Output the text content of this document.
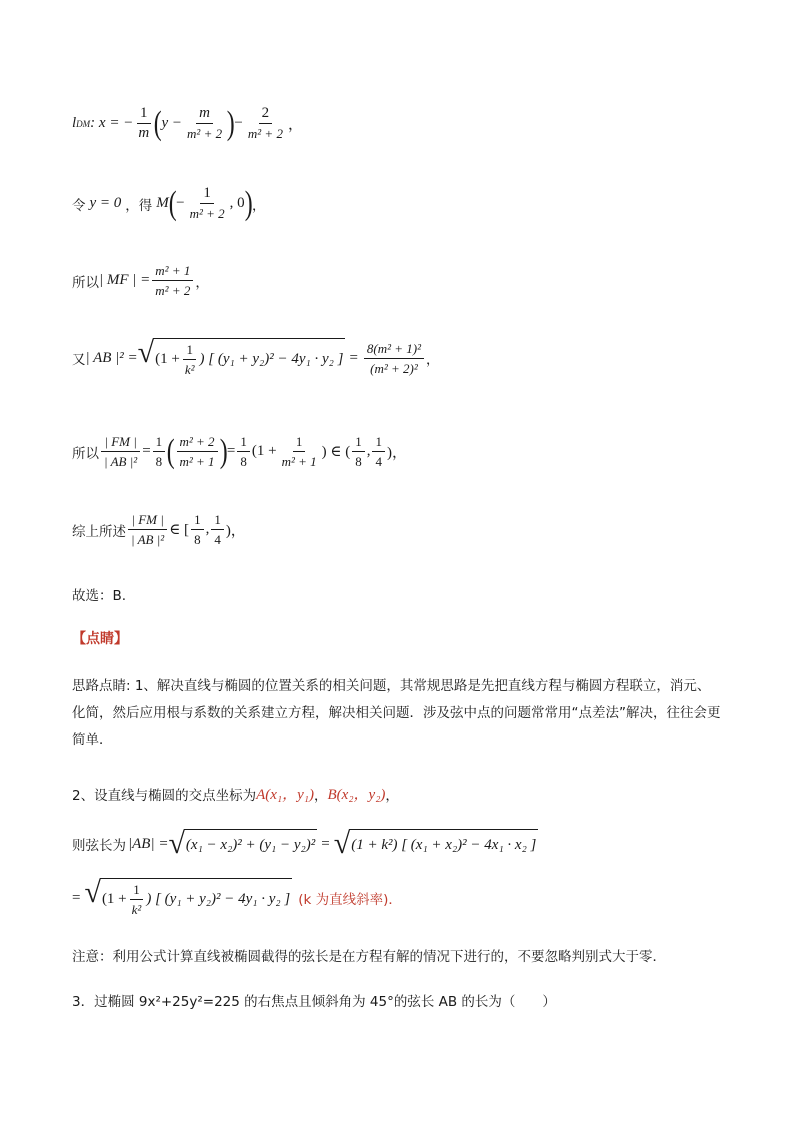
l DM : x = − $\frac{1}{m}$ ( $y - \frac{m}{\text{m² + 2}}$ ) − $\frac{2}{\text{m² + 2}}$ ，
令 y = 0 ，得 M ( − $\frac{1}{\text{m² + 2}}$ , 0 ) ，
所以 | MF | = $\frac{\text{m² + 1}}{\text{m² + 2}}$ ，
又 | AB |² = √ ($1 + \frac{1}{\text{k²}}$ ) [ (y₁ + y₂)² − 4y₁ · y₂ ] = $\frac{\text{8(m² + 1)²}}{\text{(m² + 2)²}}$ ，
所以 $\frac{| FM |}{\text{| AB |²}} = \frac{1}{8}$ ( $\frac{\text{m² + 2}}{\text{m² + 1}}$ ) = $\frac{1}{8} (1 + \frac{1}{\text{m² + 1}}$ ) ∈ ( $\frac{1}{8}$ , $\frac{1}{4}$ )，
综上所述 $\frac{| FM |}{\text{| AB |²}}$ ∈ [ $\frac{1}{8}$ , $\frac{1}{4}$ )，
故选：B.
【点睛】
思路点睛: 1、解决直线与椭圆的位置关系的相关问题，其常规思路是先把直线方程与椭圆方程联立，消元、化简，然后应用根与系数的关系建立方程，解决相关问题．涉及弦中点的问题常常用“点差法”解决，往往会更简单．
2、设直线与椭圆的交点坐标为 A(x₁，y₁) ， B(x₂，y₂) ，
则弦长为 |AB| = √ (x₁ − x₂)² + (y₁ − y₂)² = √ (1 + k²) [ (x₁ + x₂)² − 4x₁ · x₂ ]
= √ ($1 + \frac{1}{\text{k²}}$ ) [ (y₁ + y₂)² − 4y₁ · y₂ ] (k 为直线斜率)．
注意：利用公式计算直线被椭圆截得的弦长是在方程有解的情况下进行的，不要忽略判别式大于零．
3．过椭圆 9x²+25y²=225 的右焦点且倾斜角为 45°的弦长 AB 的长为（　　）
